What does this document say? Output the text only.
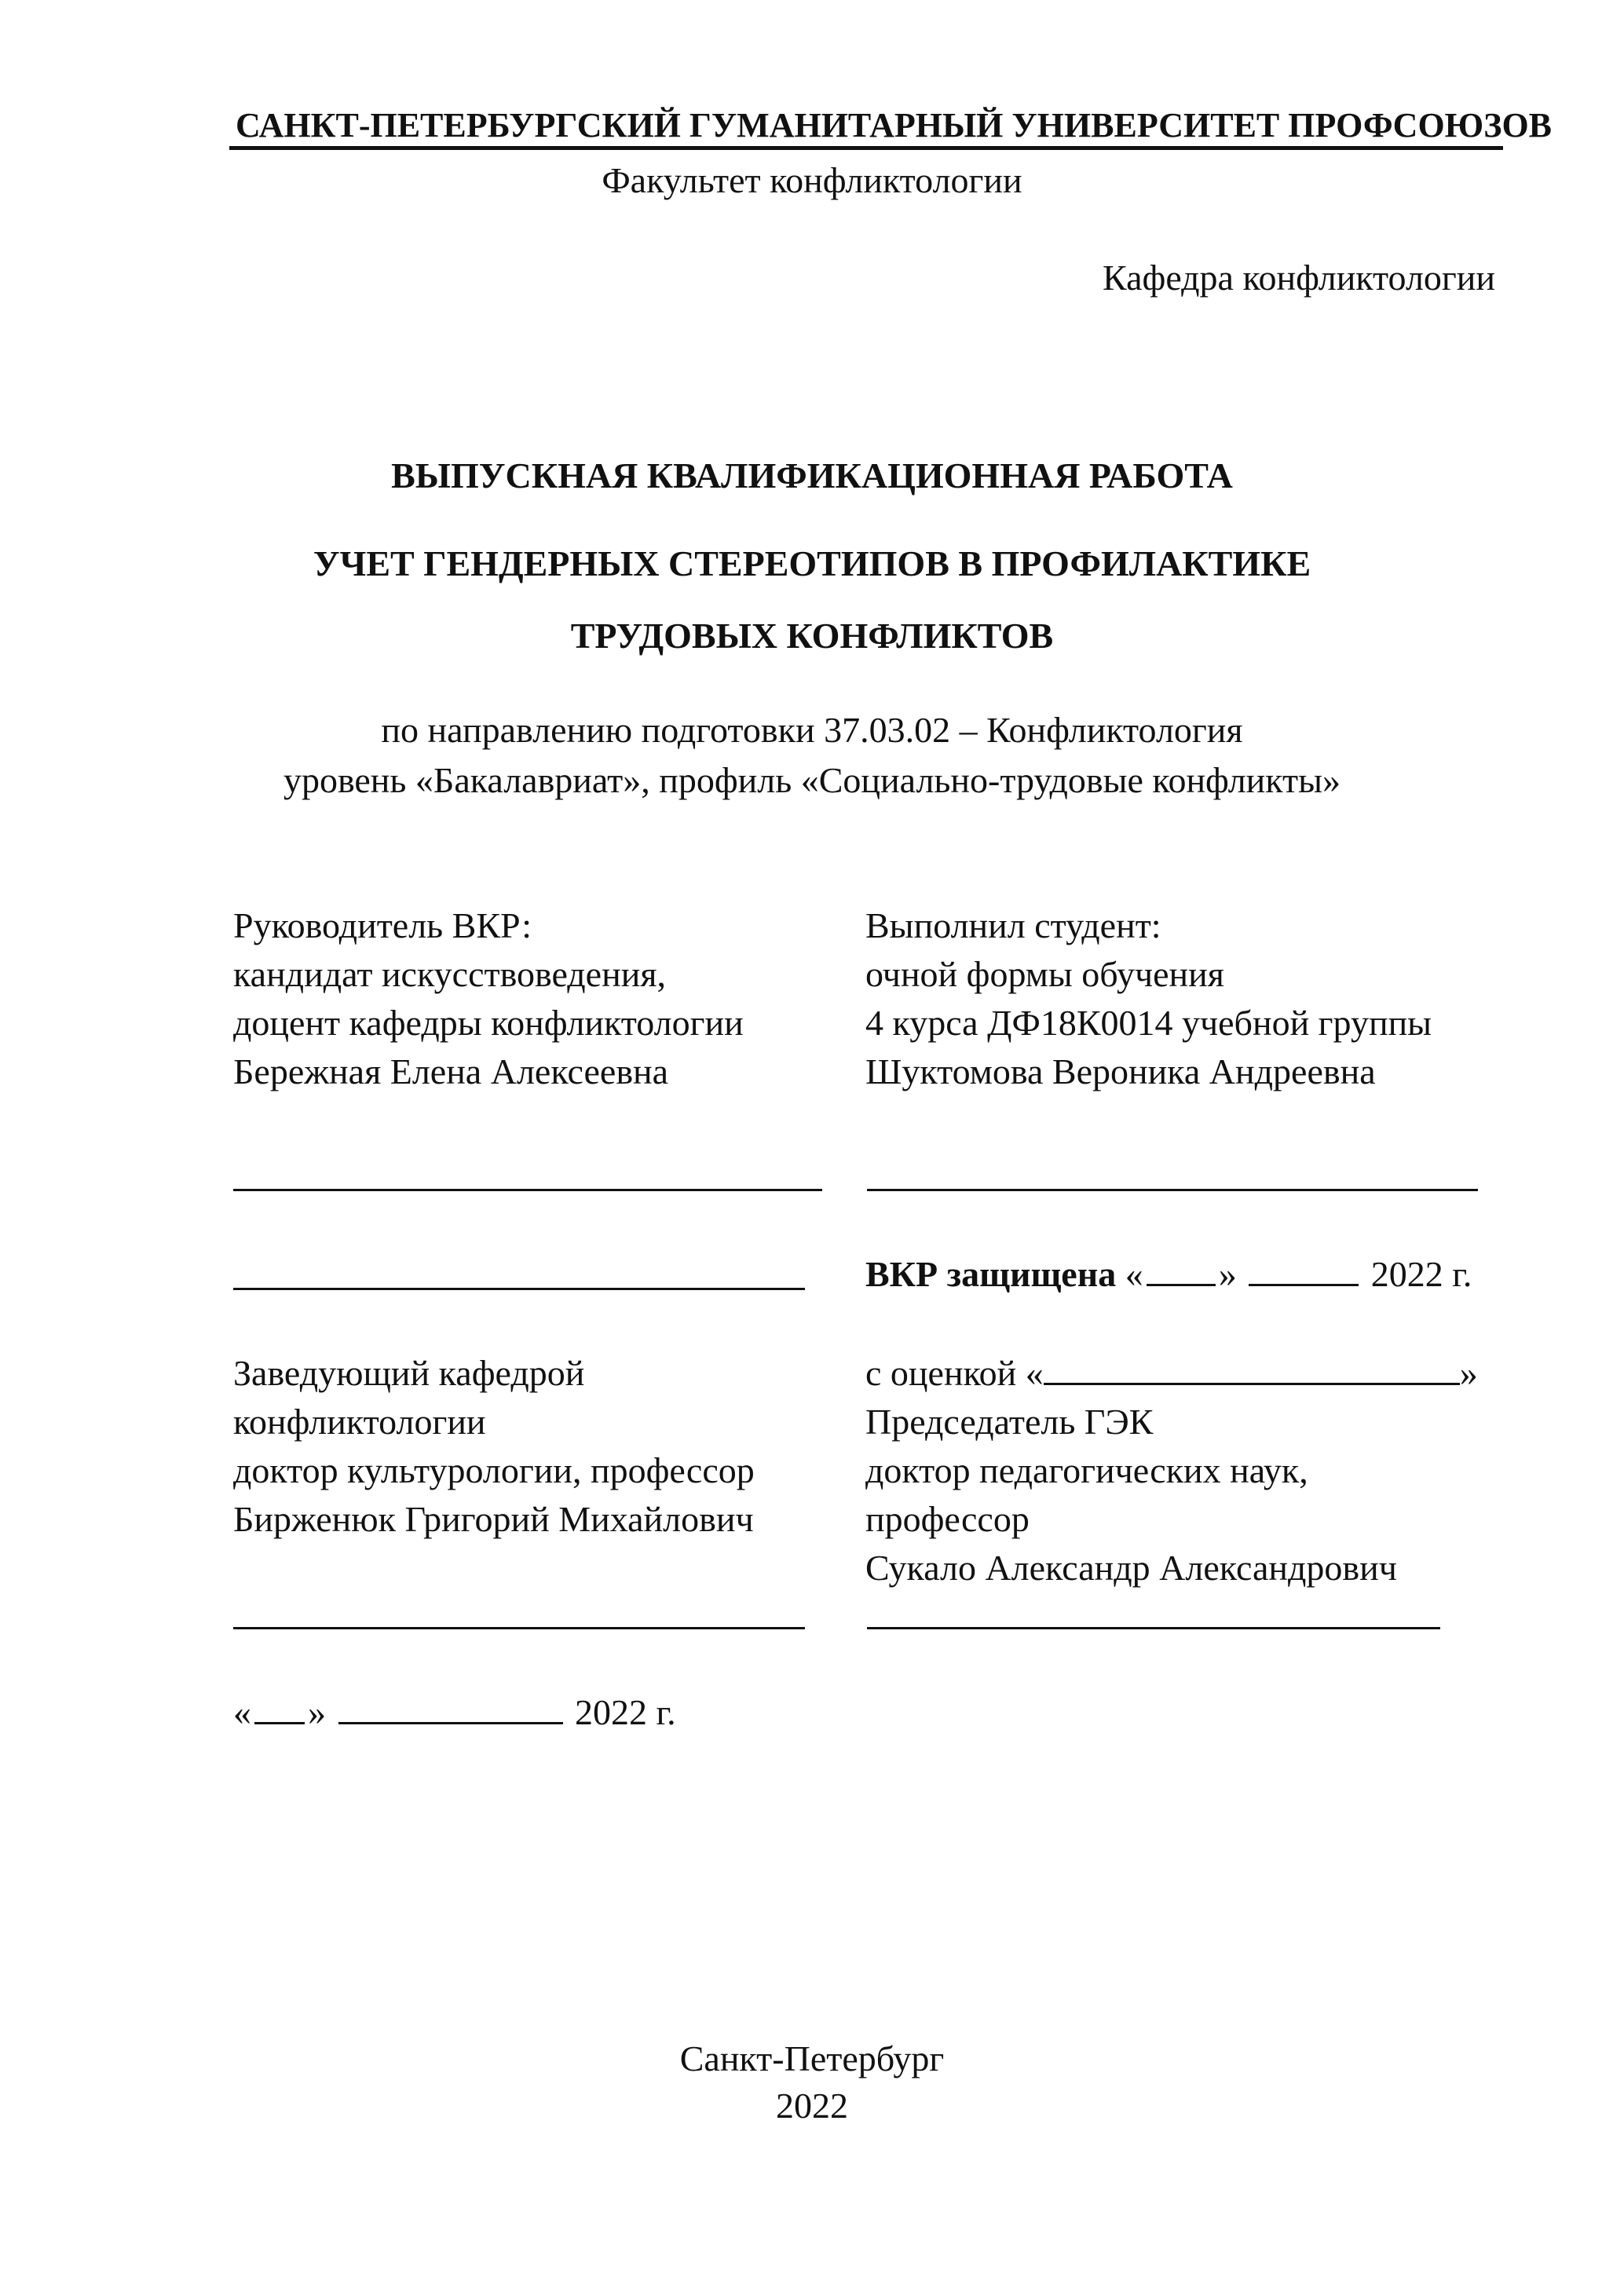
САНКТ-ПЕТЕРБУРГСКИЙ ГУМАНИТАРНЫЙ УНИВЕРСИТЕТ ПРОФСОЮЗОВ
Факультет конфликтологии
Кафедра конфликтологии
ВЫПУСКНАЯ КВАЛИФИКАЦИОННАЯ РАБОТА
УЧЕТ ГЕНДЕРНЫХ СТЕРЕОТИПОВ В ПРОФИЛАКТИКЕ
ТРУДОВЫХ КОНФЛИКТОВ
по направлению подготовки 37.03.02 – Конфликтология
уровень «Бакалавриат», профиль «Социально-трудовые конфликты»
Руководитель ВКР:
кандидат искусствоведения,
доцент кафедры конфликтологии
Бережная Елена Алексеевна
Выполнил студент:
очной формы обучения
4 курса ДФ18К0014 учебной группы
Шуктомова Вероника Андреевна
ВКР защищена « »	2022 г.
Заведующий кафедрой
конфликтологии
доктор культурологии, профессор
Бирженюк Григорий Михайлович
с оценкой «	»
Председатель ГЭК
доктор педагогических наук,
профессор
Сукало Александр Александрович
« »	2022 г.
Санкт-Петербург
2022
